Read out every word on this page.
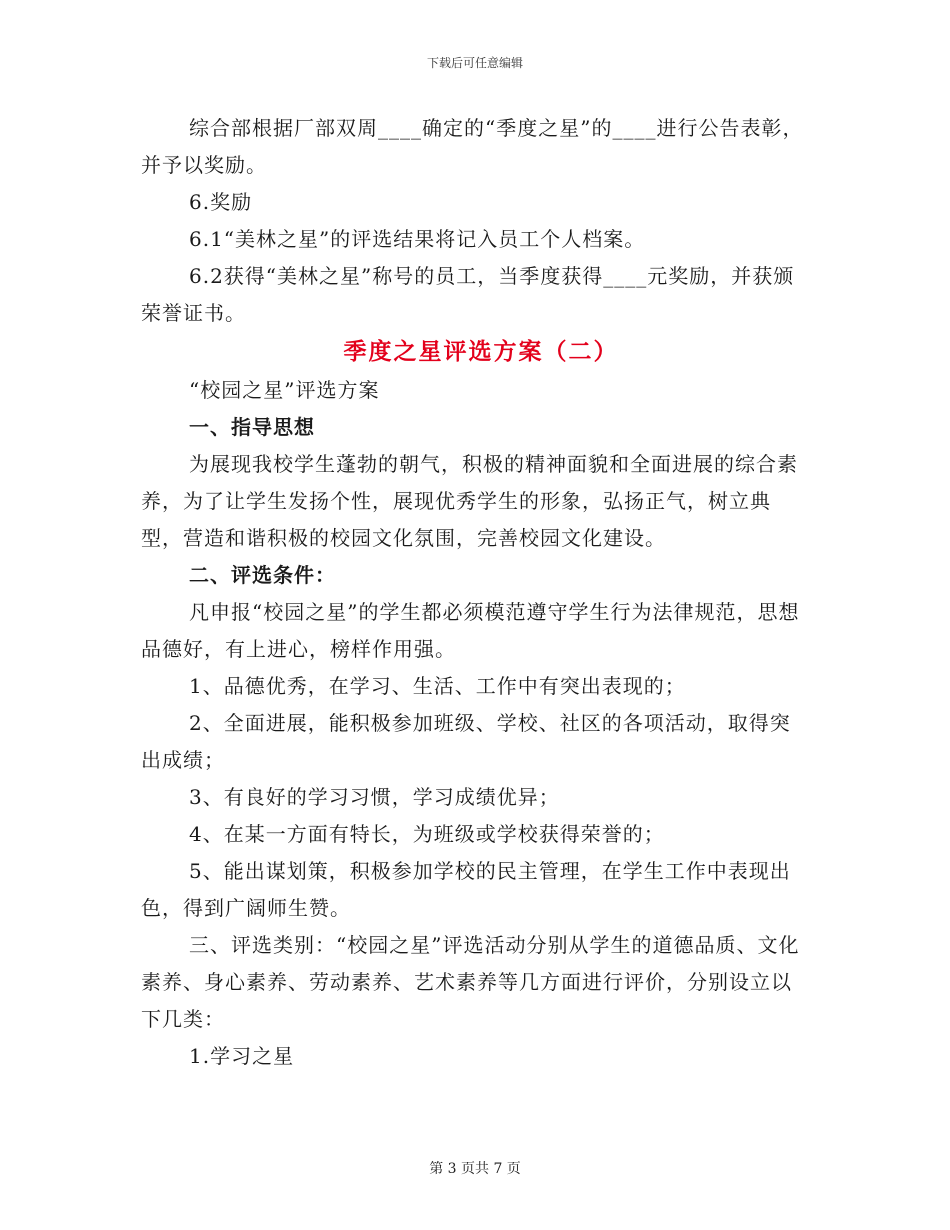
下载后可任意编辑

综合部根据厂部双周____确定的“季度之星”的____进行公告表彰，并予以奖励。

6.奖励

6.1“美林之星”的评选结果将记入员工个人档案。

6.2获得“美林之星”称号的员工，当季度获得____元奖励，并获颁荣誉证书。

季度之星评选方案（二）

“校园之星”评选方案

一、指导思想

为展现我校学生蓬勃的朝气，积极的精神面貌和全面进展的综合素养，为了让学生发扬个性，展现优秀学生的形象，弘扬正气，树立典型，营造和谐积极的校园文化氛围，完善校园文化建设。

二、评选条件：

凡申报“校园之星”的学生都必须模范遵守学生行为法律规范，思想品德好，有上进心，榜样作用强。

1、品德优秀，在学习、生活、工作中有突出表现的；

2、全面进展，能积极参加班级、学校、社区的各项活动，取得突出成绩；

3、有良好的学习习惯，学习成绩优异；

4、在某一方面有特长，为班级或学校获得荣誉的；

5、能出谋划策，积极参加学校的民主管理，在学生工作中表现出色，得到广阔师生赞。

三、评选类别：“校园之星”评选活动分别从学生的道德品质、文化素养、身心素养、劳动素养、艺术素养等几方面进行评价，分别设立以下几类：

1.学习之星

第 3 页共 7 页
